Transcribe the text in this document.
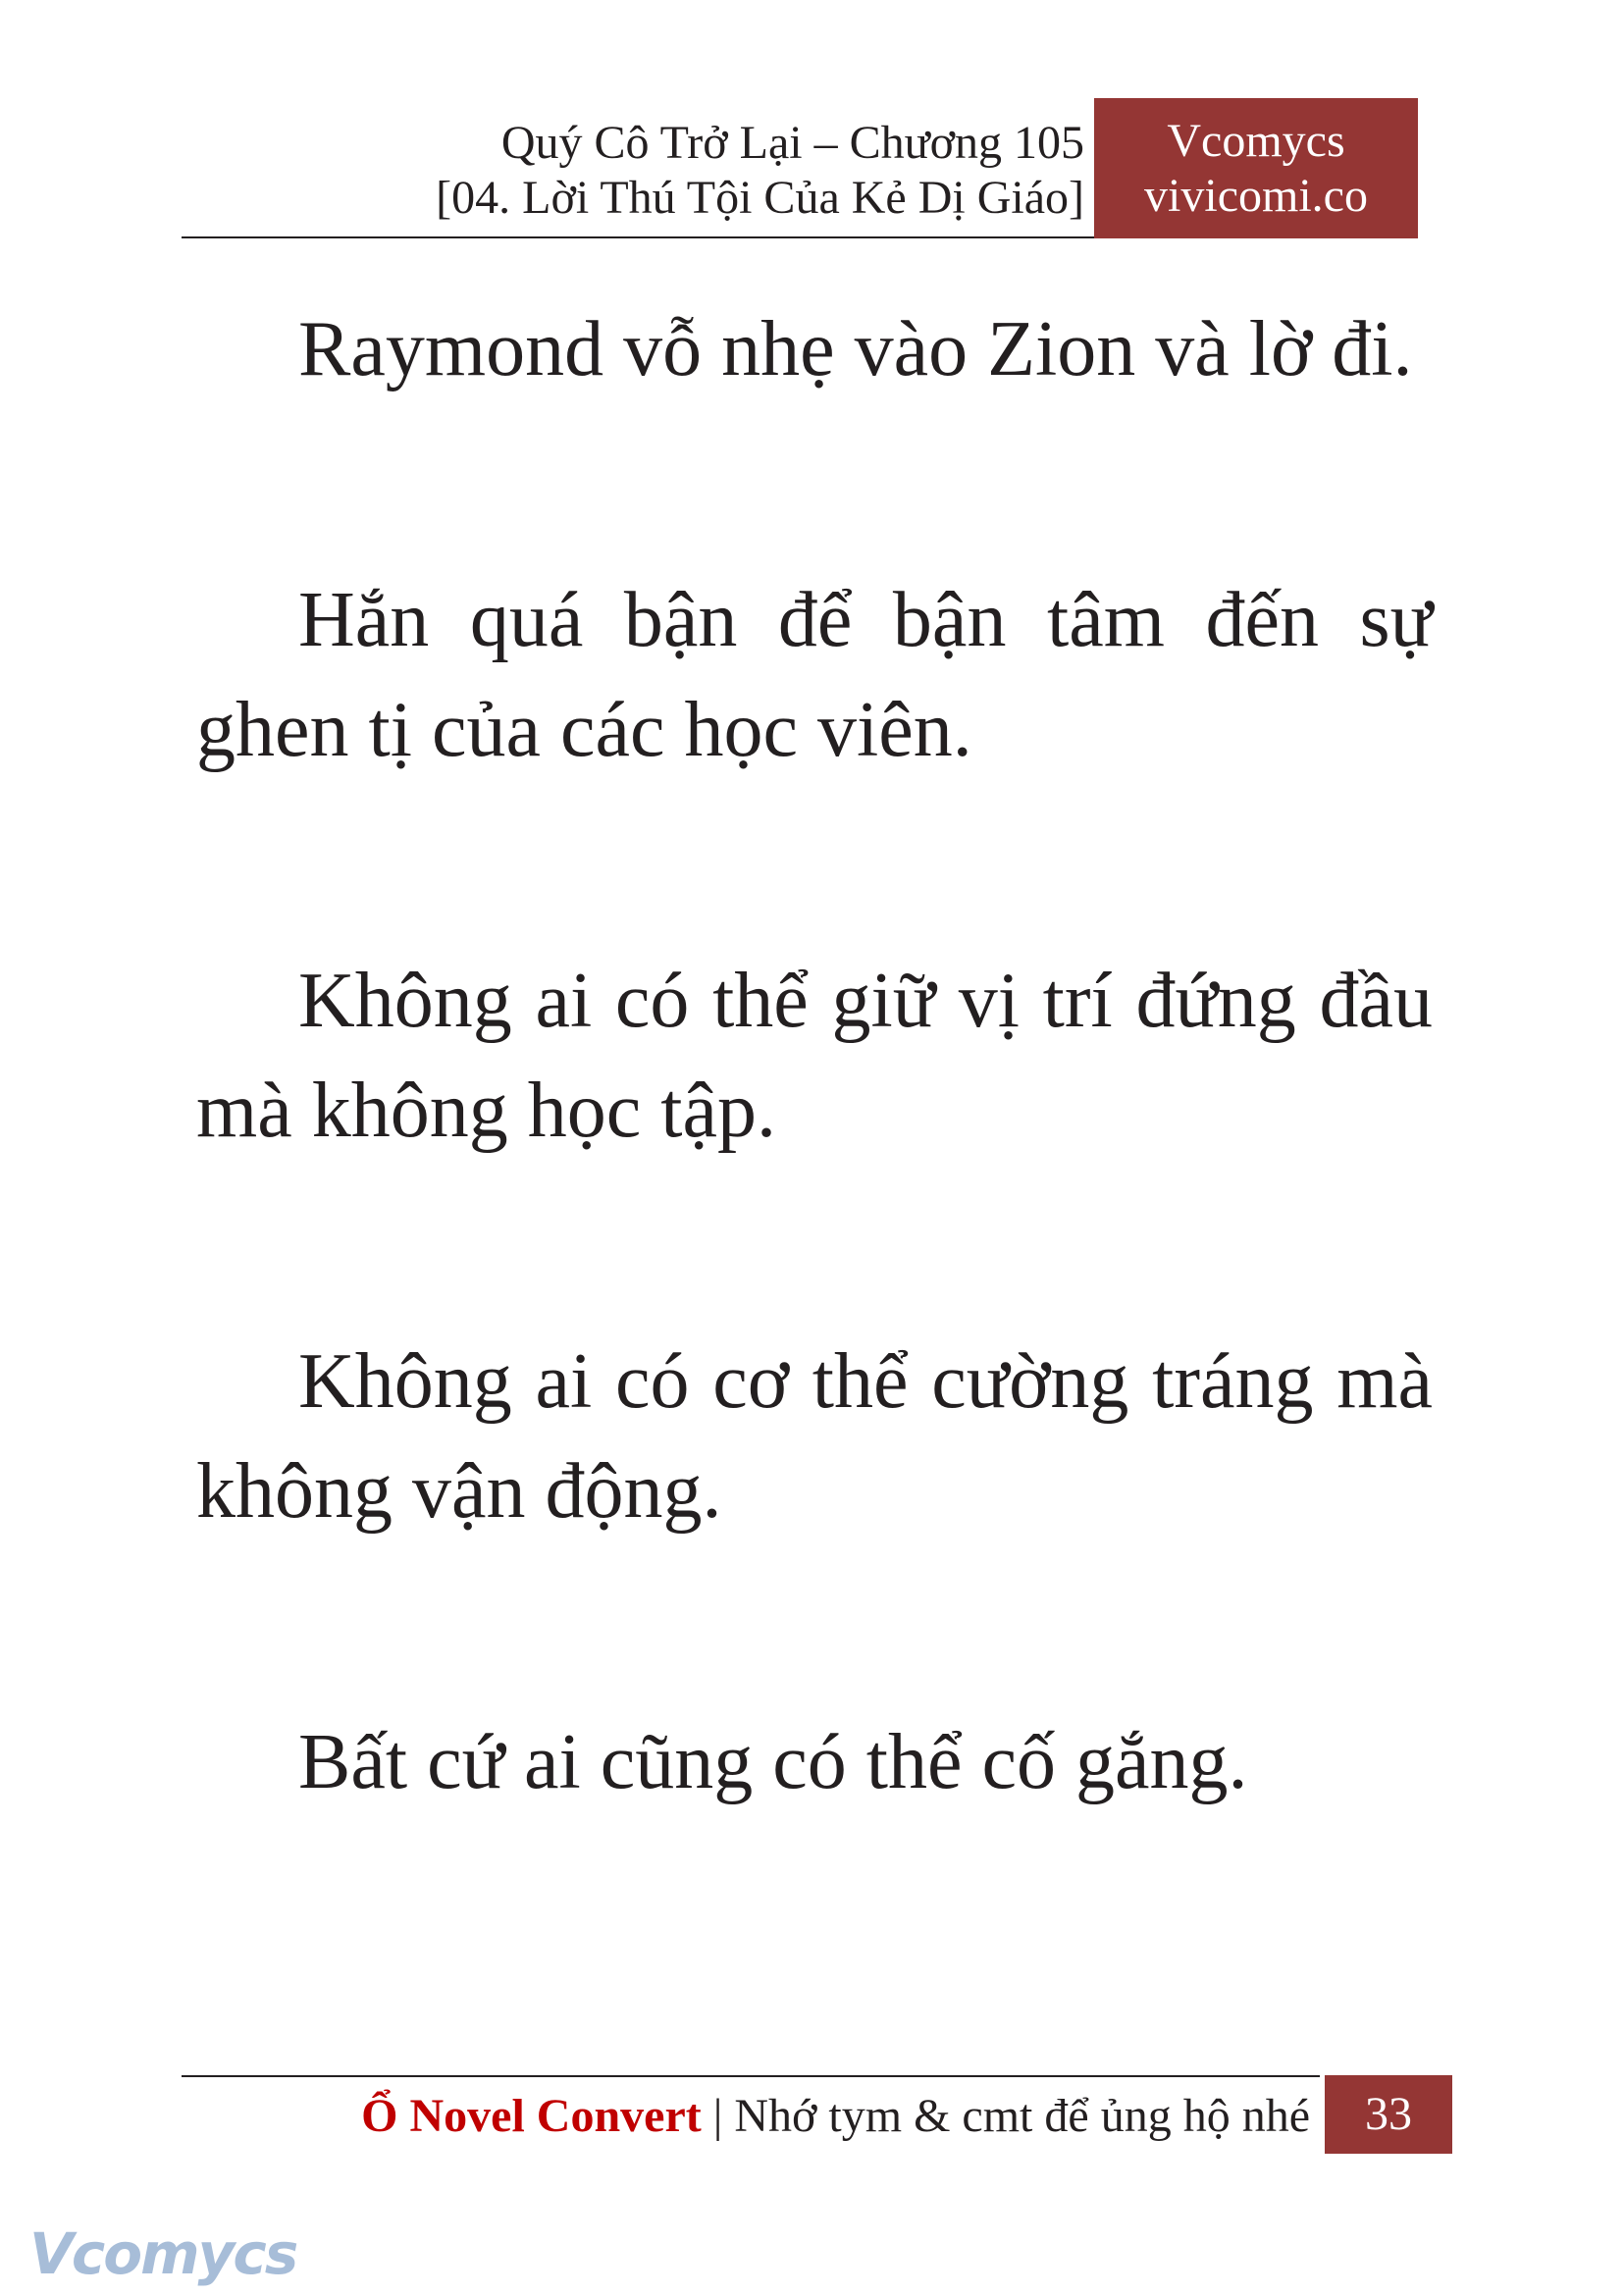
Quý Cô Trở Lại – Chương 105
[04. Lời Thú Tội Của Kẻ Dị Giáo]
Vcomycs
vivicomi.co

Raymond vỗ nhẹ vào Zion và lờ đi.

Hắn quá bận để bận tâm đến sự ghen tị của các học viên.

Không ai có thể giữ vị trí đứng đầu mà không học tập.

Không ai có cơ thể cường tráng mà không vận động.

Bất cứ ai cũng có thể cố gắng.

Ổ Novel Convert | Nhớ tym & cmt để ủng hộ nhé	33
Vcomycs
